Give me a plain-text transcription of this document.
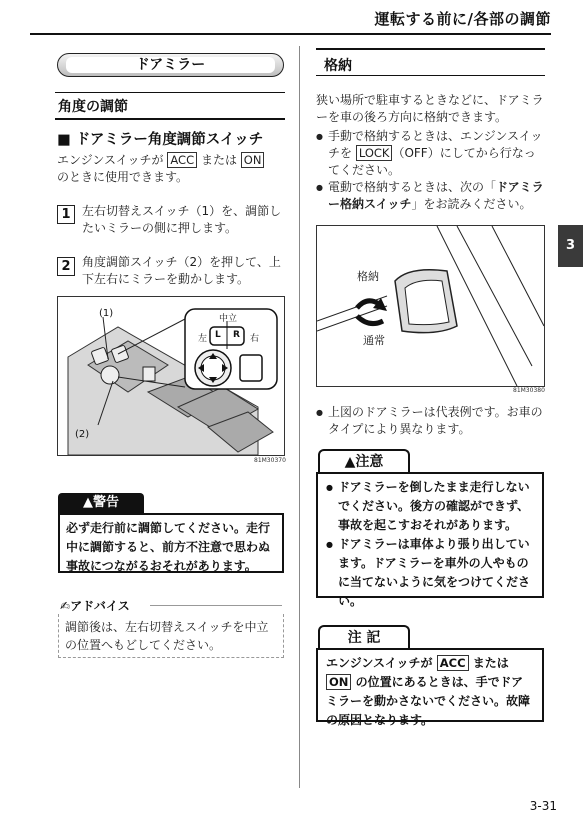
運転する前に/各部の調節
ドアミラー
角度の調節
■ ドアミラー角度調節スイッチ
エンジンスイッチが ACC または ON
のときに使用できます。
1 左右切替えスイッチ（1）を、調節したいミラーの側に押します。
2 角度調節スイッチ（2）を押して、上下左右にミラーを動かします。
(1)
(2)
中立
左	右
L R
81M30370
▲警告
必ず走行前に調節してください。走行中に調節すると、前方不注意で思わぬ事故につながるおそれがあります。
✍アドバイス
調節後は、左右切替えスイッチを中立の位置へもどしてください。
格納
狭い場所で駐車するときなどに、ドアミラーを車の後ろ方向に格納できます。
● 手動で格納するときは、エンジンスイッチを LOCK （OFF）にしてから行なってください。
● 電動で格納するときは、次の「ドアミラー格納スイッチ」をお読みください。
格納
通常
81M30380
● 上図のドアミラーは代表例です。お車のタイプにより異なります。
▲注意
● ドアミラーを倒したまま走行しないでください。後方の確認ができず、事故を起こすおそれがあります。
● ドアミラーは車体より張り出しています。ドアミラーを車外の人やものに当てないように気をつけてください。
注 記
エンジンスイッチが ACC または ON の位置にあるときは、手でドアミラーを動かさないでください。故障の原因となります。
3
3-31
